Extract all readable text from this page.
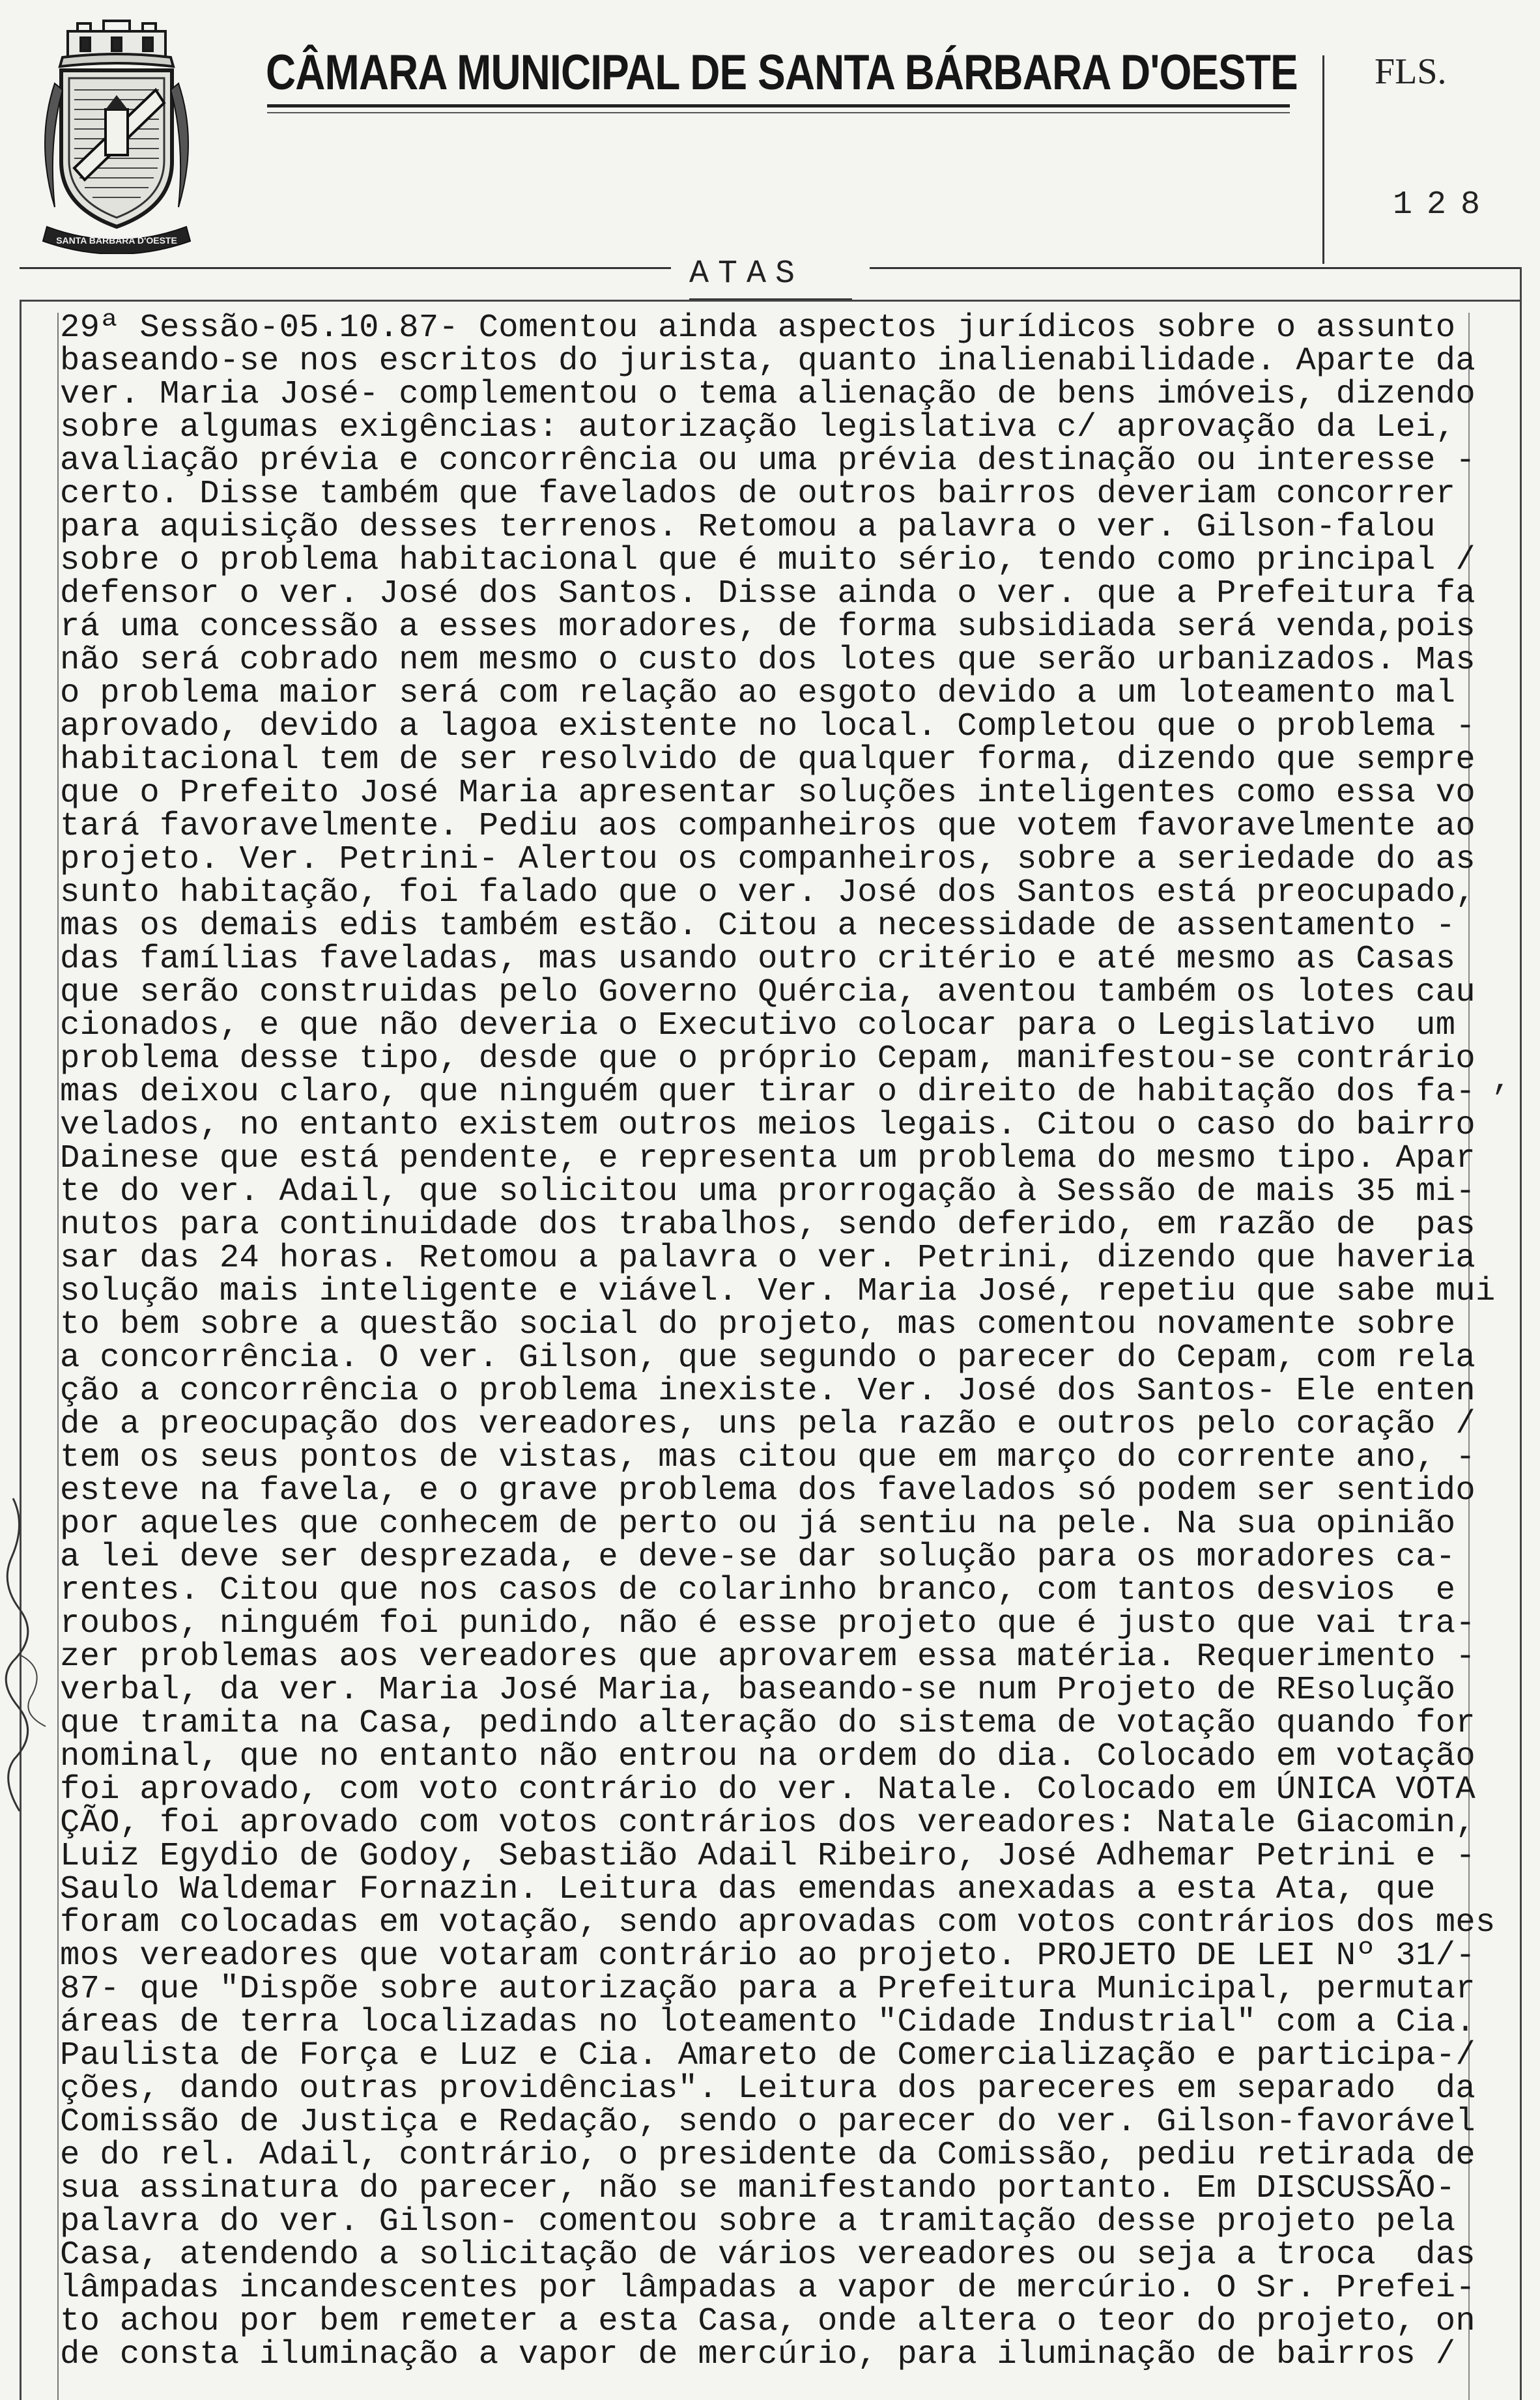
SANTA BARBARA D'OESTE
CÂMARA MUNICIPAL DE SANTA BÁRBARA D'OESTE FLS.
128
ATAS
29ª Sessão-05.10.87- Comentou ainda aspectos jurídicos sobre o assunto
baseando-se nos escritos do jurista, quanto inalienabilidade. Aparte da
ver. Maria José- complementou o tema alienação de bens imóveis, dizendo
sobre algumas exigências: autorização legislativa c/ aprovação da Lei,
avaliação prévia e concorrência ou uma prévia destinação ou interesse -
certo. Disse também que favelados de outros bairros deveriam concorrer
para aquisição desses terrenos. Retomou a palavra o ver. Gilson-falou
sobre o problema habitacional que é muito sério, tendo como principal /
defensor o ver. José dos Santos. Disse ainda o ver. que a Prefeitura fa
rá uma concessão a esses moradores, de forma subsidiada será venda,pois
não será cobrado nem mesmo o custo dos lotes que serão urbanizados. Mas
o problema maior será com relação ao esgoto devido a um loteamento mal
aprovado, devido a lagoa existente no local. Completou que o problema -
habitacional tem de ser resolvido de qualquer forma, dizendo que sempre
que o Prefeito José Maria apresentar soluções inteligentes como essa vo
tará favoravelmente. Pediu aos companheiros que votem favoravelmente ao
projeto. Ver. Petrini- Alertou os companheiros, sobre a seriedade do as
sunto habitação, foi falado que o ver. José dos Santos está preocupado,
mas os demais edis também estão. Citou a necessidade de assentamento -
das famílias faveladas, mas usando outro critério e até mesmo as Casas
que serão construidas pelo Governo Quércia, aventou também os lotes cau
cionados, e que não deveria o Executivo colocar para o Legislativo  um
problema desse tipo, desde que o próprio Cepam, manifestou-se contrário
mas deixou claro, que ninguém quer tirar o direito de habitação dos fa-
velados, no entanto existem outros meios legais. Citou o caso do bairro
Dainese que está pendente, e representa um problema do mesmo tipo. Apar
te do ver. Adail, que solicitou uma prorrogação à Sessão de mais 35 mi-
nutos para continuidade dos trabalhos, sendo deferido, em razão de  pas
sar das 24 horas. Retomou a palavra o ver. Petrini, dizendo que haveria
solução mais inteligente e viável. Ver. Maria José, repetiu que sabe mui
to bem sobre a questão social do projeto, mas comentou novamente sobre
a concorrência. O ver. Gilson, que segundo o parecer do Cepam, com rela
ção a concorrência o problema inexiste. Ver. José dos Santos- Ele enten
de a preocupação dos vereadores, uns pela razão e outros pelo coração /
tem os seus pontos de vistas, mas citou que em março do corrente ano, -
esteve na favela, e o grave problema dos favelados só podem ser sentido
por aqueles que conhecem de perto ou já sentiu na pele. Na sua opinião
a lei deve ser desprezada, e deve-se dar solução para os moradores ca-
rentes. Citou que nos casos de colarinho branco, com tantos desvios  e
roubos, ninguém foi punido, não é esse projeto que é justo que vai tra-
zer problemas aos vereadores que aprovarem essa matéria. Requerimento -
verbal, da ver. Maria José Maria, baseando-se num Projeto de REsolução
que tramita na Casa, pedindo alteração do sistema de votação quando for
nominal, que no entanto não entrou na ordem do dia. Colocado em votação
foi aprovado, com voto contrário do ver. Natale. Colocado em ÚNICA VOTA
ÇÃO, foi aprovado com votos contrários dos vereadores: Natale Giacomin,
Luiz Egydio de Godoy, Sebastião Adail Ribeiro, José Adhemar Petrini e -
Saulo Waldemar Fornazin. Leitura das emendas anexadas a esta Ata, que
foram colocadas em votação, sendo aprovadas com votos contrários dos mes
mos vereadores que votaram contrário ao projeto. PROJETO DE LEI Nº 31/-
87- que "Dispõe sobre autorização para a Prefeitura Municipal, permutar
áreas de terra localizadas no loteamento "Cidade Industrial" com a Cia.
Paulista de Força e Luz e Cia. Amareto de Comercialização e participa-/
ções, dando outras providências". Leitura dos pareceres em separado  da
Comissão de Justiça e Redação, sendo o parecer do ver. Gilson-favorável
e do rel. Adail, contrário, o presidente da Comissão, pediu retirada de
sua assinatura do parecer, não se manifestando portanto. Em DISCUSSÃO-
palavra do ver. Gilson- comentou sobre a tramitação desse projeto pela
Casa, atendendo a solicitação de vários vereadores ou seja a troca  das
lâmpadas incandescentes por lâmpadas a vapor de mercúrio. O Sr. Prefei-
to achou por bem remeter a esta Casa, onde altera o teor do projeto, on
de consta iluminação a vapor de mercúrio, para iluminação de bairros /
,
